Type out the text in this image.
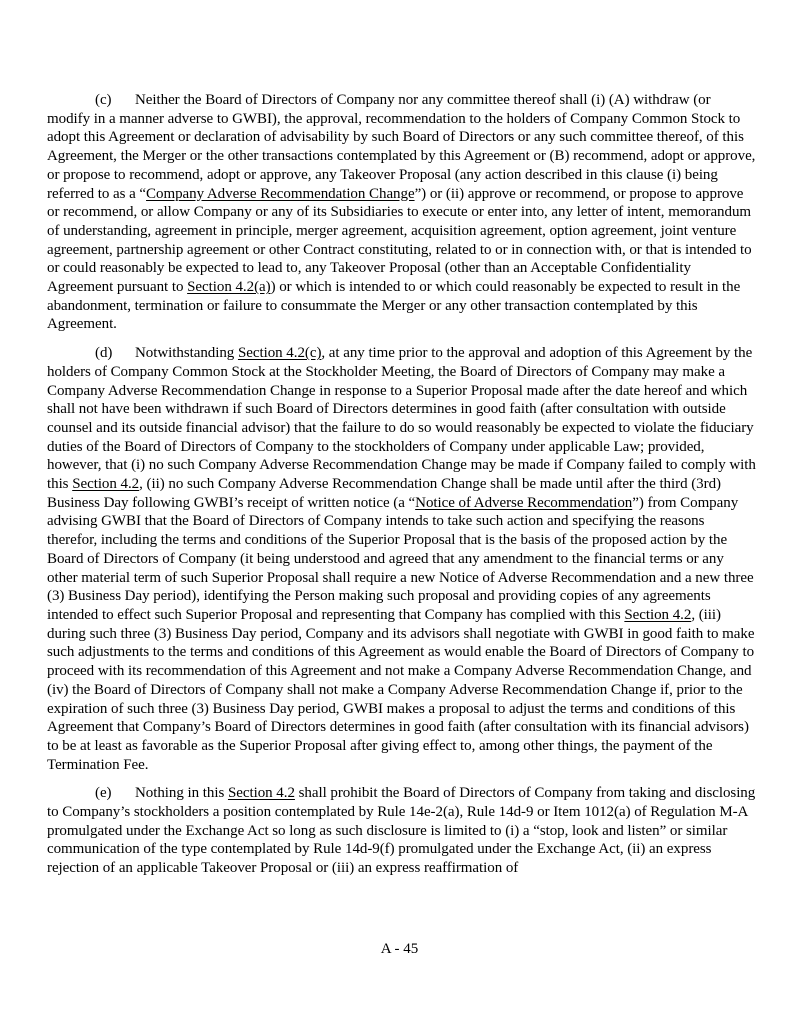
(c) Neither the Board of Directors of Company nor any committee thereof shall (i) (A) withdraw (or modify in a manner adverse to GWBI), the approval, recommendation to the holders of Company Common Stock to adopt this Agreement or declaration of advisability by such Board of Directors or any such committee thereof, of this Agreement, the Merger or the other transactions contemplated by this Agreement or (B) recommend, adopt or approve, or propose to recommend, adopt or approve, any Takeover Proposal (any action described in this clause (i) being referred to as a “Company Adverse Recommendation Change”) or (ii) approve or recommend, or propose to approve or recommend, or allow Company or any of its Subsidiaries to execute or enter into, any letter of intent, memorandum of understanding, agreement in principle, merger agreement, acquisition agreement, option agreement, joint venture agreement, partnership agreement or other Contract constituting, related to or in connection with, or that is intended to or could reasonably be expected to lead to, any Takeover Proposal (other than an Acceptable Confidentiality Agreement pursuant to Section 4.2(a)) or which is intended to or which could reasonably be expected to result in the abandonment, termination or failure to consummate the Merger or any other transaction contemplated by this Agreement.

(d) Notwithstanding Section 4.2(c), at any time prior to the approval and adoption of this Agreement by the holders of Company Common Stock at the Stockholder Meeting, the Board of Directors of Company may make a Company Adverse Recommendation Change in response to a Superior Proposal made after the date hereof and which shall not have been withdrawn if such Board of Directors determines in good faith (after consultation with outside counsel and its outside financial advisor) that the failure to do so would reasonably be expected to violate the fiduciary duties of the Board of Directors of Company to the stockholders of Company under applicable Law; provided, however, that (i) no such Company Adverse Recommendation Change may be made if Company failed to comply with this Section 4.2, (ii) no such Company Adverse Recommendation Change shall be made until after the third (3rd) Business Day following GWBI’s receipt of written notice (a “Notice of Adverse Recommendation”) from Company advising GWBI that the Board of Directors of Company intends to take such action and specifying the reasons therefor, including the terms and conditions of the Superior Proposal that is the basis of the proposed action by the Board of Directors of Company (it being understood and agreed that any amendment to the financial terms or any other material term of such Superior Proposal shall require a new Notice of Adverse Recommendation and a new three (3) Business Day period), identifying the Person making such proposal and providing copies of any agreements intended to effect such Superior Proposal and representing that Company has complied with this Section 4.2, (iii) during such three (3) Business Day period, Company and its advisors shall negotiate with GWBI in good faith to make such adjustments to the terms and conditions of this Agreement as would enable the Board of Directors of Company to proceed with its recommendation of this Agreement and not make a Company Adverse Recommendation Change, and (iv) the Board of Directors of Company shall not make a Company Adverse Recommendation Change if, prior to the expiration of such three (3) Business Day period, GWBI makes a proposal to adjust the terms and conditions of this Agreement that Company’s Board of Directors determines in good faith (after consultation with its financial advisors) to be at least as favorable as the Superior Proposal after giving effect to, among other things, the payment of the Termination Fee.

(e) Nothing in this Section 4.2 shall prohibit the Board of Directors of Company from taking and disclosing to Company’s stockholders a position contemplated by Rule 14e-2(a), Rule 14d-9 or Item 1012(a) of Regulation M-A promulgated under the Exchange Act so long as such disclosure is limited to (i) a “stop, look and listen” or similar communication of the type contemplated by Rule 14d-9(f) promulgated under the Exchange Act, (ii) an express rejection of an applicable Takeover Proposal or (iii) an express reaffirmation of

A - 45
